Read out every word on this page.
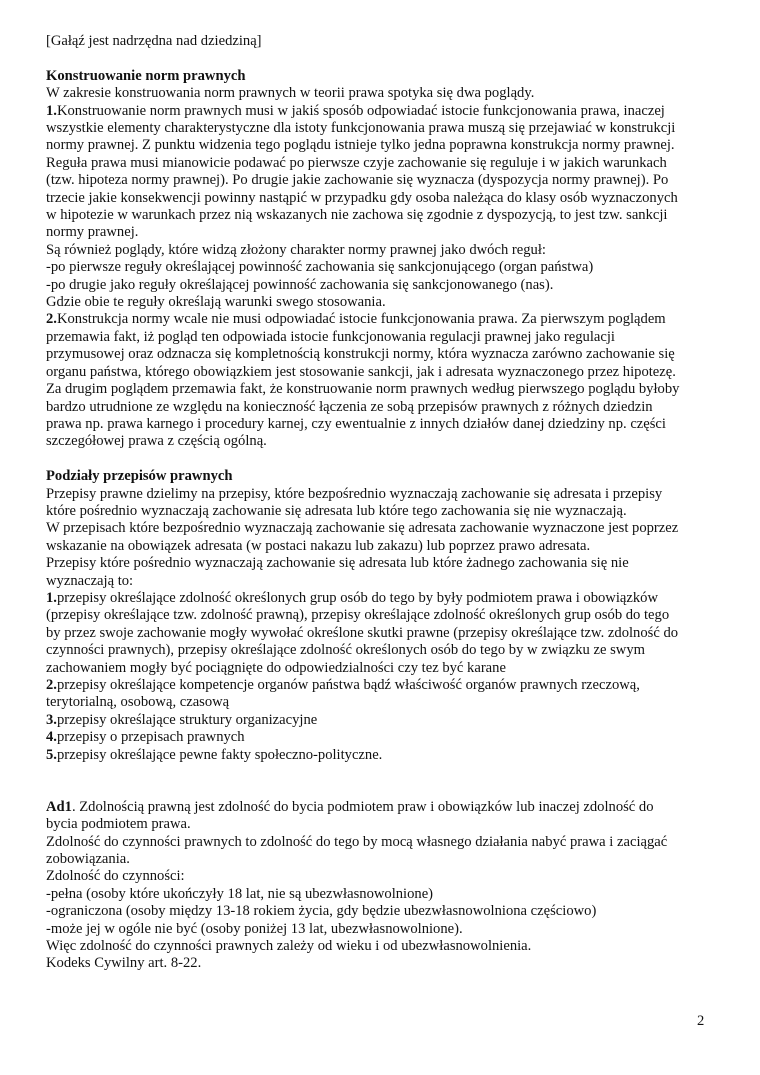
[Gałąź jest nadrzędna nad dziedziną]

Konstruowanie norm prawnych

W zakresie konstruowania norm prawnych w teorii prawa spotyka się dwa poglądy.

1.Konstruowanie norm prawnych musi w jakiś sposób odpowiadać istocie funkcjonowania prawa, inaczej

wszystkie elementy charakterystyczne dla istoty funkcjonowania prawa muszą się przejawiać w konstrukcji

normy prawnej. Z punktu widzenia tego poglądu istnieje tylko jedna poprawna konstrukcja normy prawnej.

Reguła prawa musi mianowicie podawać po pierwsze czyje zachowanie się reguluje i w jakich warunkach

(tzw. hipoteza normy prawnej). Po drugie jakie zachowanie się wyznacza (dyspozycja normy prawnej). Po

trzecie jakie konsekwencji powinny nastąpić w przypadku gdy osoba należąca do klasy osób wyznaczonych

w hipotezie w warunkach przez nią wskazanych nie zachowa się zgodnie z dyspozycją, to jest tzw. sankcji

normy prawnej.

Są również poglądy, które widzą złożony charakter normy prawnej jako dwóch reguł:

-po pierwsze reguły określającej powinność zachowania się sankcjonującego (organ państwa)

-po drugie jako reguły określającej powinność zachowania się sankcjonowanego (nas).

Gdzie obie te reguły określają warunki swego stosowania.

2.Konstrukcja normy wcale nie musi odpowiadać istocie funkcjonowania prawa. Za pierwszym poglądem

przemawia fakt, iż pogląd ten odpowiada istocie funkcjonowania regulacji prawnej jako regulacji

przymusowej oraz odznacza się kompletnością konstrukcji normy, która wyznacza zarówno zachowanie się

organu państwa, którego obowiązkiem jest stosowanie sankcji, jak i adresata wyznaczonego przez hipotezę.

Za drugim poglądem przemawia fakt, że konstruowanie norm prawnych według pierwszego poglądu byłoby

bardzo utrudnione ze względu na konieczność łączenia ze sobą przepisów prawnych z różnych dziedzin

prawa np. prawa karnego i procedury karnej, czy ewentualnie z innych działów danej dziedziny np. części

szczegółowej prawa z częścią ogólną.

Podziały przepisów prawnych

Przepisy prawne dzielimy na przepisy, które bezpośrednio wyznaczają zachowanie się adresata i przepisy

które pośrednio wyznaczają zachowanie się adresata lub które tego zachowania się nie wyznaczają.

W przepisach które bezpośrednio wyznaczają zachowanie się adresata zachowanie wyznaczone jest poprzez

wskazanie na obowiązek adresata (w postaci nakazu lub zakazu) lub poprzez prawo adresata.

Przepisy które pośrednio wyznaczają zachowanie się adresata lub które żadnego zachowania się nie

wyznaczają to:

1.przepisy określające zdolność określonych grup osób do tego by były podmiotem prawa i obowiązków

(przepisy określające tzw. zdolność prawną), przepisy określające zdolność określonych grup osób do tego

by przez swoje zachowanie mogły wywołać określone skutki prawne (przepisy określające tzw. zdolność do

czynności prawnych), przepisy określające zdolność określonych osób do tego by w związku ze swym

zachowaniem mogły być pociągnięte do odpowiedzialności czy tez być karane

2.przepisy określające kompetencje organów państwa bądź właściwość organów prawnych rzeczową,

terytorialną, osobową, czasową

3.przepisy określające struktury organizacyjne

4.przepisy o przepisach prawnych

5.przepisy określające pewne fakty społeczno-polityczne.

Ad1. Zdolnością prawną jest zdolność do bycia podmiotem praw i obowiązków lub inaczej zdolność do

bycia podmiotem prawa.

Zdolność do czynności prawnych to zdolność do tego by mocą własnego działania nabyć prawa i zaciągać

zobowiązania.

Zdolność do czynności:

-pełna (osoby które ukończyły 18 lat, nie są ubezwłasnowolnione)

-ograniczona (osoby między 13-18 rokiem życia, gdy będzie ubezwłasnowolniona częściowo)

-może jej w ogóle nie być (osoby poniżej 13 lat, ubezwłasnowolnione).

Więc zdolność do czynności prawnych zależy od wieku i od ubezwłasnowolnienia.

Kodeks Cywilny art. 8-22.

2
